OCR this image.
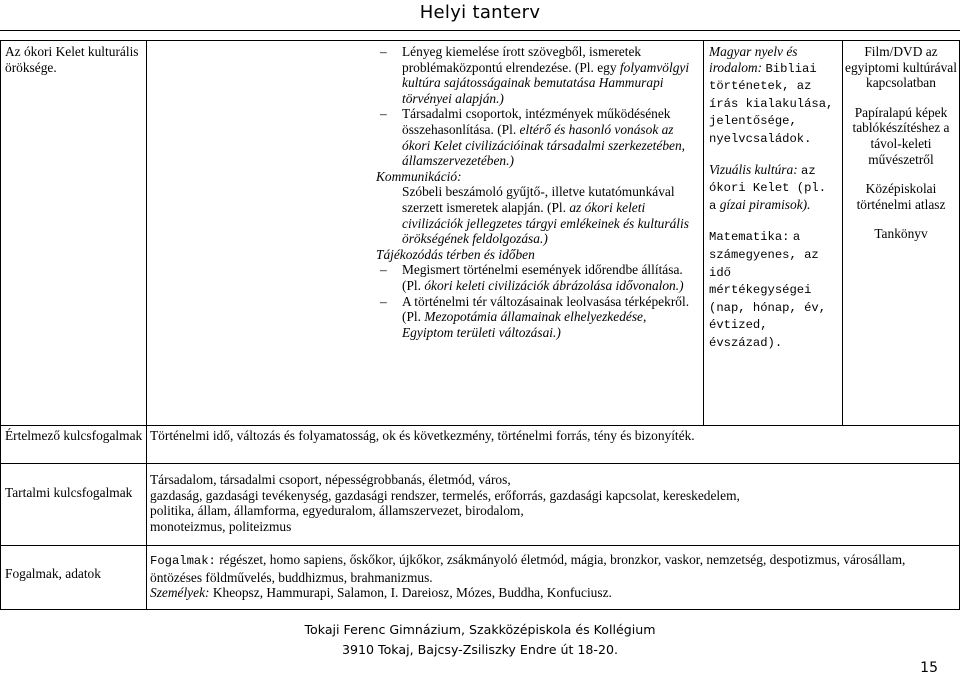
Helyi tanterv
Az ókori Kelet kulturális öröksége.
– Lényeg kiemelése írott szövegből, ismeretek problémaközpontú elrendezése. (Pl. egy folyamvölgyi kultúra sajátosságainak bemutatása Hammurapi törvényei alapján.)
– Társadalmi csoportok, intézmények működésének összehasonlítása. (Pl. eltérő és hasonló vonások az ókori Kelet civilizációinak társadalmi szerkezetében, államszervezetében.)
Kommunikáció:
Szóbeli beszámoló gyűjtő-, illetve kutatómunkával szerzett ismeretek alapján. (Pl. az ókori keleti civilizációk jellegzetes tárgyi emlékeinek és kulturális örökségének feldolgozása.)
Tájékozódás térben és időben
– Megismert történelmi események időrendbe állítása. (Pl. ókori keleti civilizációk ábrázolása idővonalon.)
– A történelmi tér változásainak leolvasása térképekről. (Pl. Mezopotámia államainak elhelyezkedése, Egyiptom területi változásai.)
Magyar nyelv és irodalom: Bibliai történetek, az írás kialakulása, jelentősége, nyelvcsaládok.
Vizuális kultúra: az ókori Kelet (pl. a gízai piramisok).
Matematika: a számegyenes, az idő mértékegységei (nap, hónap, év, évtized, évszázad).
Film/DVD az egyiptomi kultúrával kapcsolatban
Papíralapú képek tablókészítéshez a távol-keleti művészetről
Középiskolai történelmi atlasz
Tankönyv
Értelmező kulcsfogalmak Történelmi idő, változás és folyamatosság, ok és következmény, történelmi forrás, tény és bizonyíték.
Tartalmi kulcsfogalmak
Társadalom, társadalmi csoport, népességrobbanás, életmód, város,
gazdaság, gazdasági tevékenység, gazdasági rendszer, termelés, erőforrás, gazdasági kapcsolat, kereskedelem,
politika, állam, államforma, egyeduralom, államszervezet, birodalom,
monoteizmus, politeizmus
Fogalmak, adatok
Fogalmak: régészet, homo sapiens, őskőkor, újkőkor, zsákmányoló életmód, mágia, bronzkor, vaskor, nemzetség, despotizmus, városállam, öntözéses földművelés, buddhizmus, brahmanizmus.
Személyek: Kheopsz, Hammurapi, Salamon, I. Dareiosz, Mózes, Buddha, Konfuciusz.
Tokaji Ferenc Gimnázium, Szakközépiskola és Kollégium
3910 Tokaj, Bajcsy-Zsiliszky Endre út 18-20.
15
